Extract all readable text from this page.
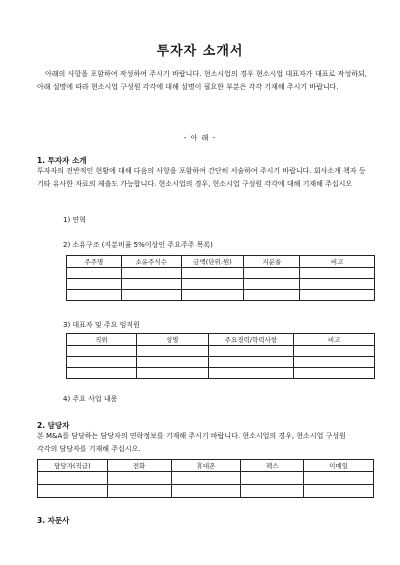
투자자 소개서
아래의 사항을 포함하여 작성하여 주시기 바랍니다. 현소시업의 경우 현소시업 대표자가 대표로 작성하되, 아래 설명에 따라 현소시업 구성원 각각에 대해 설명이 필요한 부분은 각각 기재해 주시기 바랍니다.
- 아 래 -
1. 투자자 소개
투자자의 전반적인 현황에 대해 다음의 사항을 포함하여 간단히 서술하여 주시기 바랍니다. 회사소개 책자 등 기타 유사한 자료의 제출도 가능합니다. 현소시업의 경우, 현소시업 구성원 각각에 대해 기재해 주십시오
1) 연혁
2) 소유구조 (지분비율 5%이상인 주요주주 목록)
주주명	소유주식수	금액(단위:원)	지분율	비고

3) 대표자 및 주요 임직원
직위	성명	주요경력/학력사항	비고

4) 주요 사업 내용
2. 담당자
본 M&A를 담당하는 담당자의 연락정보를 기재해 주시기 바랍니다. 현소시업의 경우, 현소시업 구성원 각각의 담당자를 기재해 주십시오.
담당자(직급)	전화	휴대폰	팩스	이메일

3. 자문사
